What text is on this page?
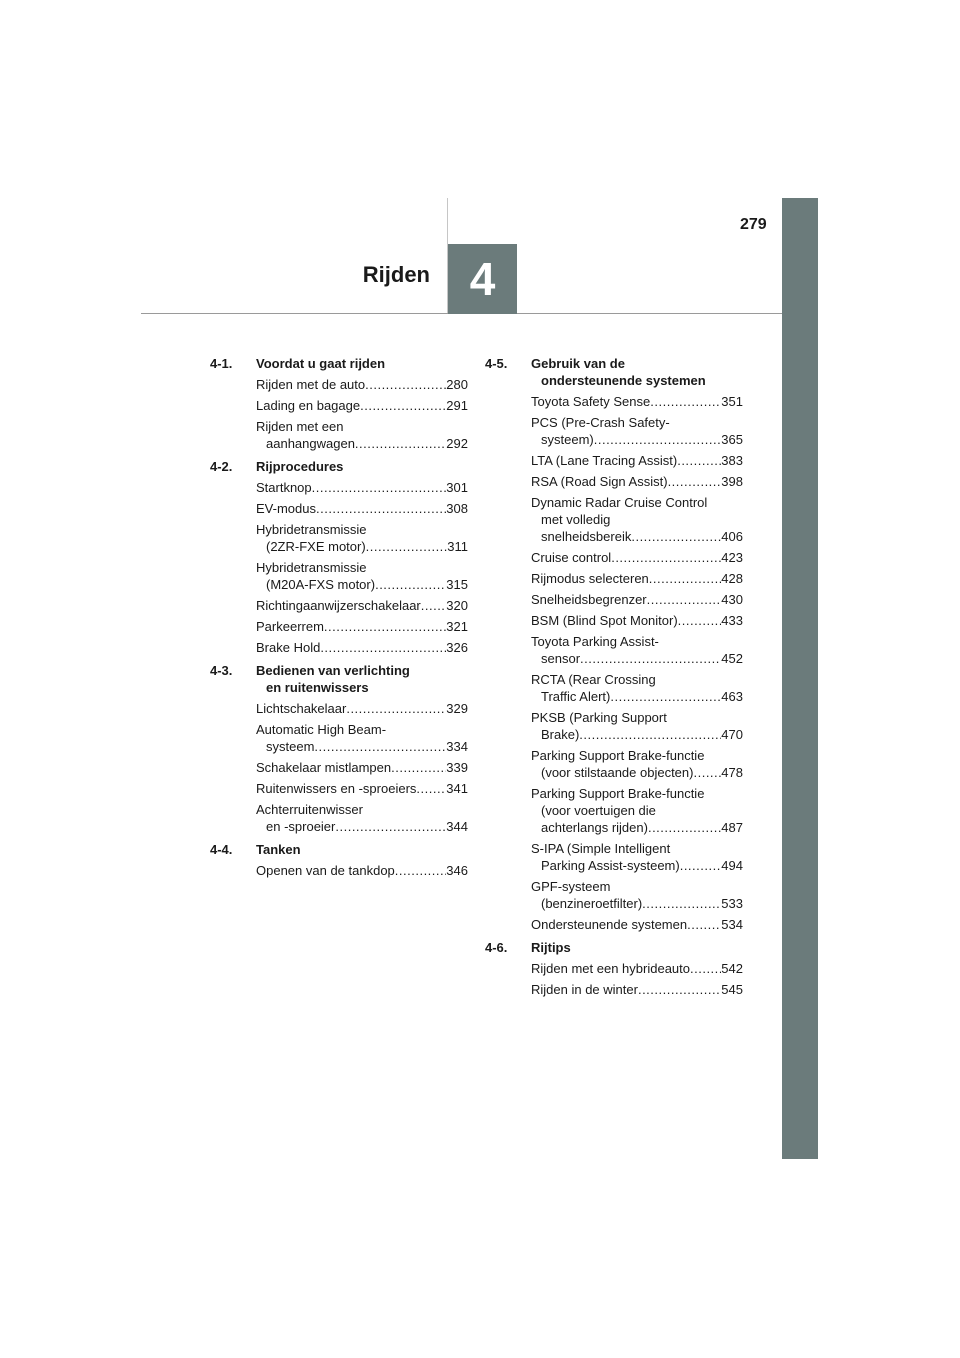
4
Rijden
279
4-1.	Voordat u gaat rijden
Rijden met de auto .....	280
Lading en bagage .....	291
Rijden met een
aanhangwagen .....	292
4-2.	Rijprocedures
Startknop .....	301
EV-modus .....	308
Hybridetransmissie
(2ZR-FXE motor) .....	311
Hybridetransmissie
(M20A-FXS motor) .....	315
Richtingaanwijzerschakelaar ..... 320
Parkeerrem .....	321
Brake Hold .....	326
4-3.	Bedienen van verlichting
en ruitenwissers
Lichtschakelaar .....	329
Automatic High Beam-
systeem .....	334
Schakelaar mistlampen .....	339
Ruitenwissers en -sproeiers ..... 341
Achterruitenwisser
en -sproeier .....	344
4-4.	Tanken
Openen van de tankdop .....	346
4-5.	Gebruik van de
ondersteunende systemen
Toyota Safety Sense .....	351
PCS (Pre-Crash Safety-
systeem) .....	365
LTA (Lane Tracing Assist) .....	383
RSA (Road Sign Assist) .....	398
Dynamic Radar Cruise Control
met volledig
snelheidsbereik .....	406
Cruise control .....	423
Rijmodus selecteren .....	428
Snelheidsbegrenzer .....	430
BSM (Blind Spot Monitor) .....	433
Toyota Parking Assist-
sensor .....	452
RCTA (Rear Crossing
Traffic Alert) .....	463
PKSB (Parking Support
Brake) .....	470
Parking Support Brake-functie
(voor stilstaande objecten) ..... 478
Parking Support Brake-functie
(voor voertuigen die
achterlangs rijden) .....	487
S-IPA (Simple Intelligent
Parking Assist-systeem) .....	494
GPF-systeem
(benzineroetfilter) .....	533
Ondersteunende systemen .....	534
4-6.	Rijtips
Rijden met een hybrideauto ..... 542
Rijden in de winter .....	545
